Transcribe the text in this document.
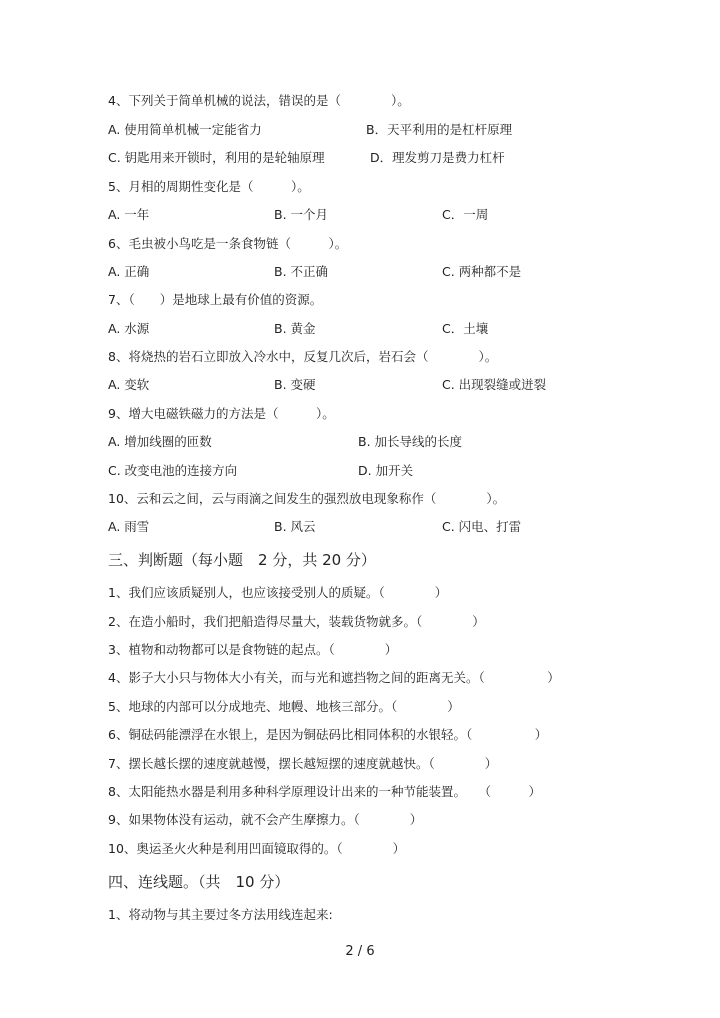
4、下列关于简单机械的说法，错误的是（　　　　）。
A. 使用简单机械一定能省力	B．天平利用的是杠杆原理
C. 钥匙用来开锁时，利用的是轮轴原理	D．理发剪刀是费力杠杆
5、月相的周期性变化是（　　　）。
A. 一年	B. 一个月	C．一周
6、毛虫被小鸟吃是一条食物链（　　　）。
A. 正确	B. 不正确	C. 两种都不是
7、（　　）是地球上最有价值的资源。
A. 水源	B. 黄金	C．土壤
8、将烧热的岩石立即放入冷水中，反复几次后，岩石会（　　　　）。
A. 变软	B. 变硬	C. 出现裂缝或迸裂
9、增大电磁铁磁力的方法是（　　　）。
A. 增加线圈的匝数	B. 加长导线的长度
C. 改变电池的连接方向	D. 加开关
10、云和云之间，云与雨滴之间发生的强烈放电现象称作（　　　　）。
A. 雨雪	B. 风云	C. 闪电、打雷
三、判断题（每小题　2 分，共 20 分）
1、我们应该质疑别人，也应该接受别人的质疑。（　　　　）
2、在造小船时，我们把船造得尽量大，装载货物就多。（　　　　）
3、植物和动物都可以是食物链的起点。（　　　　）
4、影子大小只与物体大小有关，而与光和遮挡物之间的距离无关。（　　　　　）
5、地球的内部可以分成地壳、地幔、地核三部分。（　　　　）
6、铜砝码能漂浮在水银上，是因为铜砝码比相同体积的水银轻。（　　　　　）
7、摆长越长摆的速度就越慢，摆长越短摆的速度就越快。（　　　　）
8、太阳能热水器是利用多种科学原理设计出来的一种节能装置。　　（　　　）
9、如果物体没有运动，就不会产生摩擦力。（　　　　）
10、奥运圣火火种是利用凹面镜取得的。（　　　　）
四、连线题。（共　10 分）
1、将动物与其主要过冬方法用线连起来:
2 / 6
